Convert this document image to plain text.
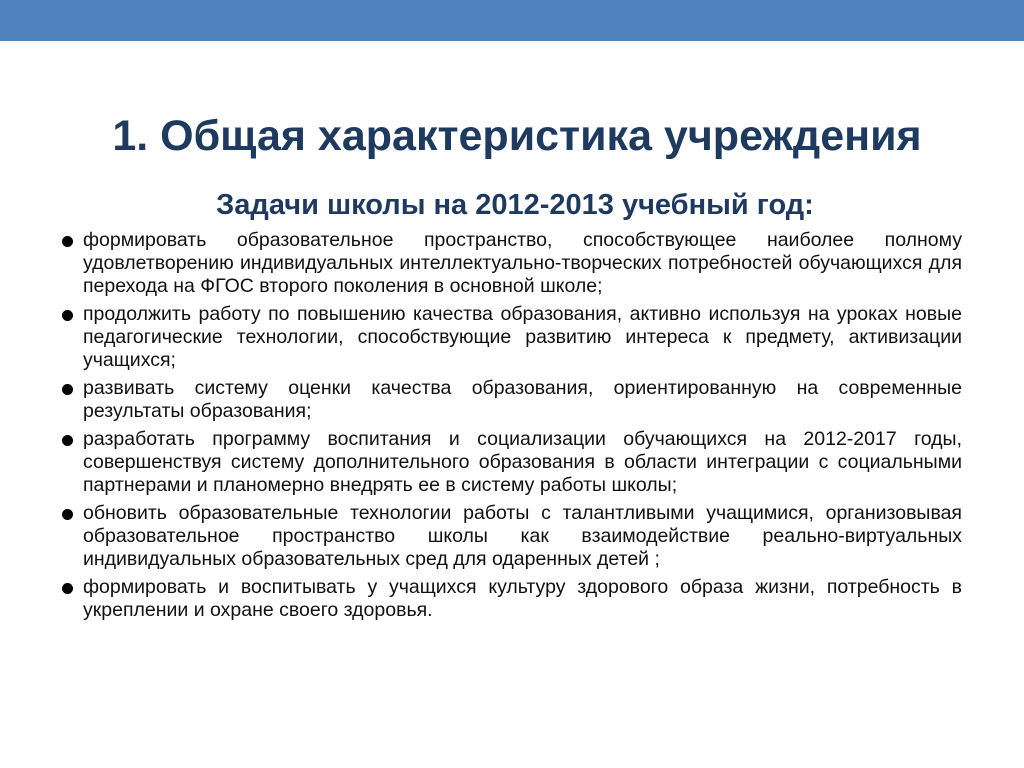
1. Общая характеристика учреждения
Задачи школы на 2012-2013 учебный год:
формировать образовательное пространство, способствующее наиболее полному удовлетворению индивидуальных интеллектуально-творческих потребностей обучающихся для перехода на ФГОС второго поколения в основной школе;
продолжить работу по повышению качества образования, активно используя на уроках новые педагогические технологии, способствующие развитию интереса к предмету, активизации учащихся;
развивать систему оценки качества образования, ориентированную на современные результаты образования;
разработать программу воспитания и социализации обучающихся на 2012-2017 годы, совершенствуя систему дополнительного образования в области интеграции с социальными партнерами и планомерно внедрять ее в систему работы школы;
обновить образовательные технологии работы с талантливыми учащимися, организовывая образовательное пространство школы как взаимодействие реально-виртуальных индивидуальных образовательных сред для одаренных детей ;
формировать и воспитывать у учащихся культуру здорового образа жизни, потребность в укреплении и охране своего здоровья.
